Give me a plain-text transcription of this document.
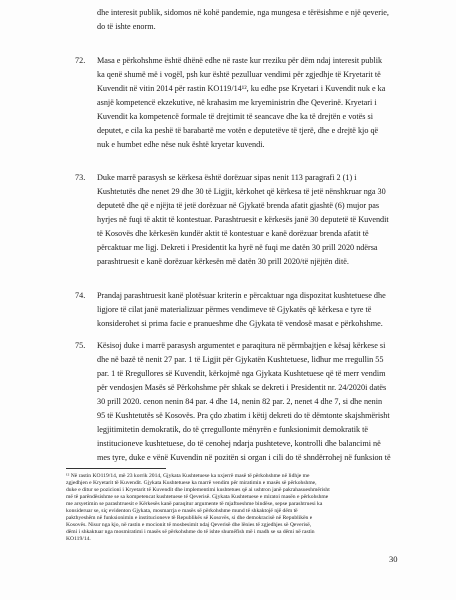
dhe interesit publik, sidomos në kohë pandemie, nga mungesa e tërësishme e një qeverie,
do të ishte enorm.
72. Masa e përkohshme është dhënë edhe në raste kur rreziku për dëm ndaj interesit publik
ka qenë shumë më i vogël, psh kur është pezulluar vendimi për zgjedhje të Kryetarit të
Kuvendit në vitin 2014 për rastin KO119/14¹², ku edhe pse Kryetari i Kuvendit nuk e ka
asnjë kompetencë ekzekutive, në krahasim me kryeministrin dhe Qeverinë. Kryetari i
Kuvendit ka kompetencë formale të drejtimit të seancave dhe ka të drejtën e votës si
deputet, e cila ka peshë të barabartë me votën e deputetëve të tjerë, dhe e drejtë kjo që
nuk e humbet edhe nëse nuk është kryetar kuvendi.
73. Duke marrë parasysh se kërkesa është dorëzuar sipas nenit 113 paragrafi 2 (1) i
Kushtetutës dhe nenet 29 dhe 30 të Ligjit, kërkohet që kërkesa të jetë nënshkruar nga 30
deputetë dhe që e njëjta të jetë dorëzuar në Gjykatë brenda afatit gjashtë (6) mujor pas
hyrjes në fuqi të aktit të kontestuar. Parashtruesit e kërkesës janë 30 deputetë të Kuvendit
të Kosovës dhe kërkesën kundër aktit të kontestuar e kanë dorëzuar brenda afatit të
përcaktuar me ligj. Dekreti i Presidentit ka hyrë në fuqi me datën 30 prill 2020 ndërsa
parashtruesit e kanë dorëzuar kërkesën më datën 30 prill 2020/të njëjtën ditë.
74. Prandaj parashtruesit kanë plotësuar kriterin e përcaktuar nga dispozitat kushtetuese dhe
ligjore të cilat janë materializuar përmes vendimeve të Gjykatës që kërkesa e tyre të
konsiderohet si prima facie e pranueshme dhe Gjykata të vendosë masat e përkohshme.
75. Kësisoj duke i marrë parasysh argumentet e paraqitura në përmbajtjen e kësaj kërkese si
dhe në bazë të nenit 27 par. 1 të Ligjit për Gjykatën Kushtetuese, lidhur me rregullin 55
par. 1 të Rregullores së Kuvendit, kërkojmë nga Gjykata Kushtetuese që të merr vendim
për vendosjen Masës së Përkohshme për shkak se dekreti i Presidentit nr. 24/2020i datës
30 prill 2020. cenon nenin 84 par. 4 dhe 14, nenin 82 par. 2, nenet 4 dhe 7, si dhe nenin
95 të Kushtetutës së Kosovës. Pra çdo zbatim i këtij dekreti do të dëmtonte skajshmërisht
legjitimitetin demokratik, do të çrregullonte mënyrën e funksionimit demokratik të
institucioneve kushtetuese, do të cenohej ndarja pushteteve, kontrolli dhe balancimi në
mes tyre, duke e vënë Kuvendin në pozitën si organ i cili do të shndërrohej në funksion të
¹² Në rastin KO119/14, më 23 korrik 2014, Gjykata Kushtetuese ka nxjerrë masë të përkohshme në lidhje me
zgjedhjen e Kryetarit të Kuvendit. Gjykata Kushtetuese ka marrë vendim për miratimin e masës së përkohshme,
duke e ditur se pozicioni i Kryetarit të Kuvendit dhe implementimi kushtetues që ai ushtron janë pakrahasueshmërisht
më të parëndësishme se sa kompetencat kushtetuese të Qeverisë. Gjykata Kushtetuese e miratoi masën e përkohshme
me arsyetimin se parashtruesit e Kërkesës kanë paraqitur argumente të mjaftueshme bindëse, sepse parashtruesi ka
konsideruar se, siç evidenton Gjykata, mosmarrja e masës së përkohshme mund të shkaktojë një dëm të
pakthyeshëm në funksionimin e institucioneve të Republikës së Kosovës, si dhe demokracisë në Republikën e
Kosovës. Nisur nga kjo, në rastin e mocionit të mosbesimit ndaj Qeverisë dhe lënies të zgjedhjes së Qeverisë,
dëmi i shkaktuar nga mosmiratimi i masës së përkohshme do të ishte shumëfish më i madh se sa dëmi në rastin
KO119/14.
30
